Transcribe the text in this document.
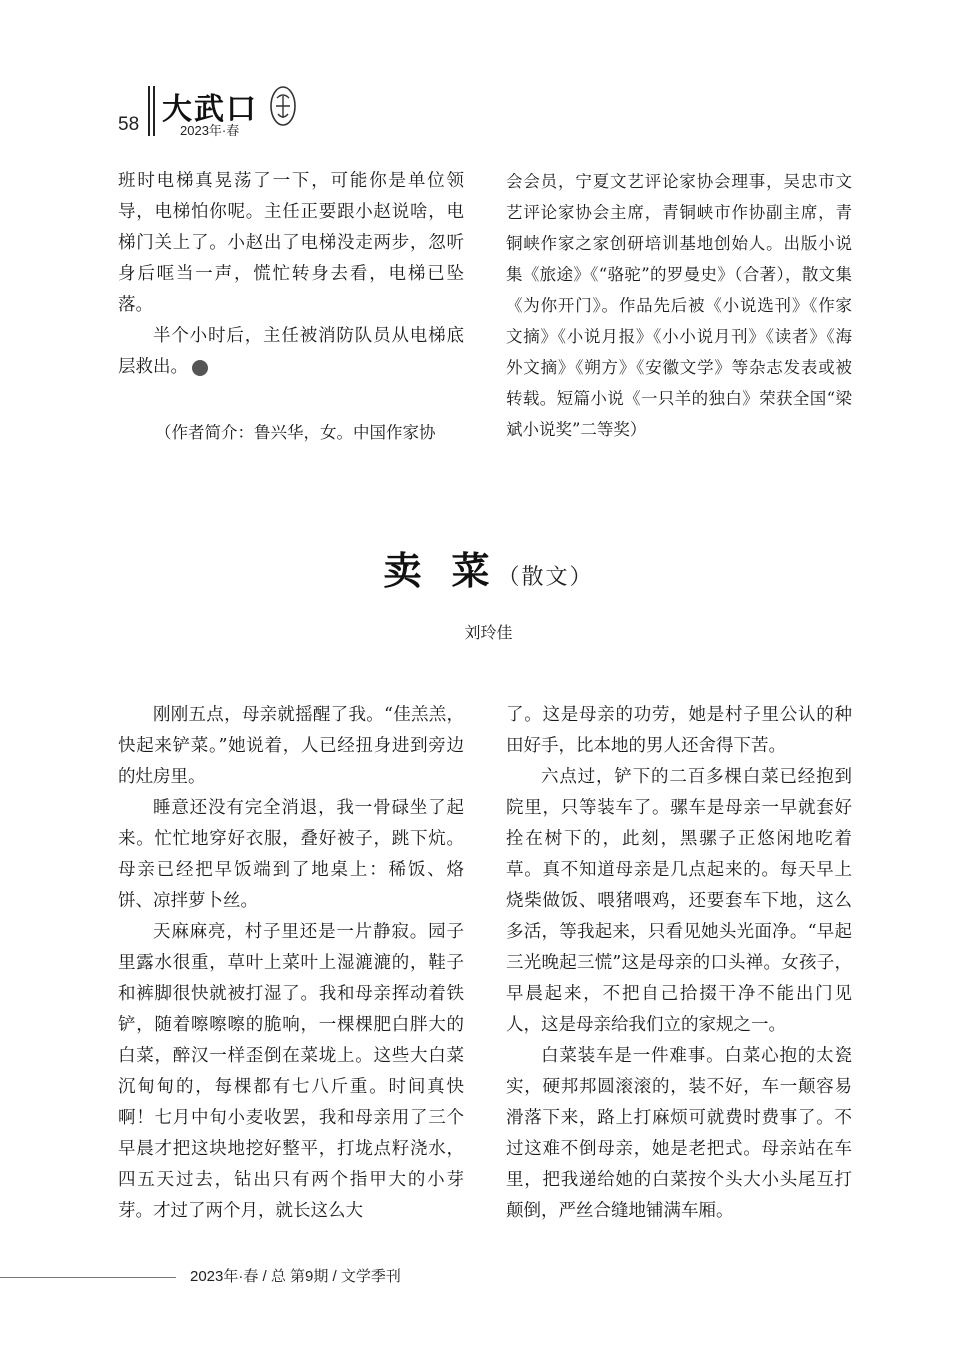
58 大武口
2023年·春

班时电梯真晃荡了一下，可能你是单位领导，电梯怕你呢。主任正要跟小赵说啥，电梯门关上了。小赵出了电梯没走两步，忽听身后哐当一声，慌忙转身去看，电梯已坠落。

半个小时后，主任被消防队员从电梯底层救出。	W

（作者简介：鲁兴华，女。中国作家协

会会员，宁夏文艺评论家协会理事，吴忠市文艺评论家协会主席，青铜峡市作协副主席，青铜峡作家之家创研培训基地创始人。出版小说集《旅途》《“骆驼”的罗曼史》（合著），散文集《为你开门》。作品先后被《小说选刊》《作家文摘》《小说月报》《小小说月刊》《读者》《海外文摘》《朔方》《安徽文学》等杂志发表或被转载。短篇小说《一只羊的独白》荣获全国“梁斌小说奖”二等奖）

卖菜（散文）
刘玲佳

刚刚五点，母亲就摇醒了我。“佳羔羔，快起来铲菜。”她说着，人已经扭身进到旁边的灶房里。

睡意还没有完全消退，我一骨碌坐了起来。忙忙地穿好衣服，叠好被子，跳下炕。母亲已经把早饭端到了地桌上：稀饭、烙饼、凉拌萝卜丝。

天麻麻亮，村子里还是一片静寂。园子里露水很重，草叶上菜叶上湿漉漉的，鞋子和裤脚很快就被打湿了。我和母亲挥动着铁铲，随着嚓嚓嚓的脆响，一棵棵肥白胖大的白菜，醉汉一样歪倒在菜垅上。这些大白菜沉甸甸的，每棵都有七八斤重。时间真快啊！七月中旬小麦收罢，我和母亲用了三个早晨才把这块地挖好整平，打垅点籽浇水，四五天过去，钻出只有两个指甲大的小芽芽。才过了两个月，就长这么大

了。这是母亲的功劳，她是村子里公认的种田好手，比本地的男人还舍得下苦。

六点过，铲下的二百多棵白菜已经抱到院里，只等装车了。骡车是母亲一早就套好拴在树下的，此刻，黑骡子正悠闲地吃着草。真不知道母亲是几点起来的。每天早上烧柴做饭、喂猪喂鸡，还要套车下地，这么多活，等我起来，只看见她头光面净。“早起三光晚起三慌”这是母亲的口头禅。女孩子，早晨起来，不把自己拾掇干净不能出门见人，这是母亲给我们立的家规之一。

白菜装车是一件难事。白菜心抱的太瓷实，硬邦邦圆滚滚的，装不好，车一颠容易滑落下来，路上打麻烦可就费时费事了。不过这难不倒母亲，她是老把式。母亲站在车里，把我递给她的白菜按个头大小头尾互打颠倒，严丝合缝地铺满车厢。

2023年·春 / 总 第9期 / 文学季刊
